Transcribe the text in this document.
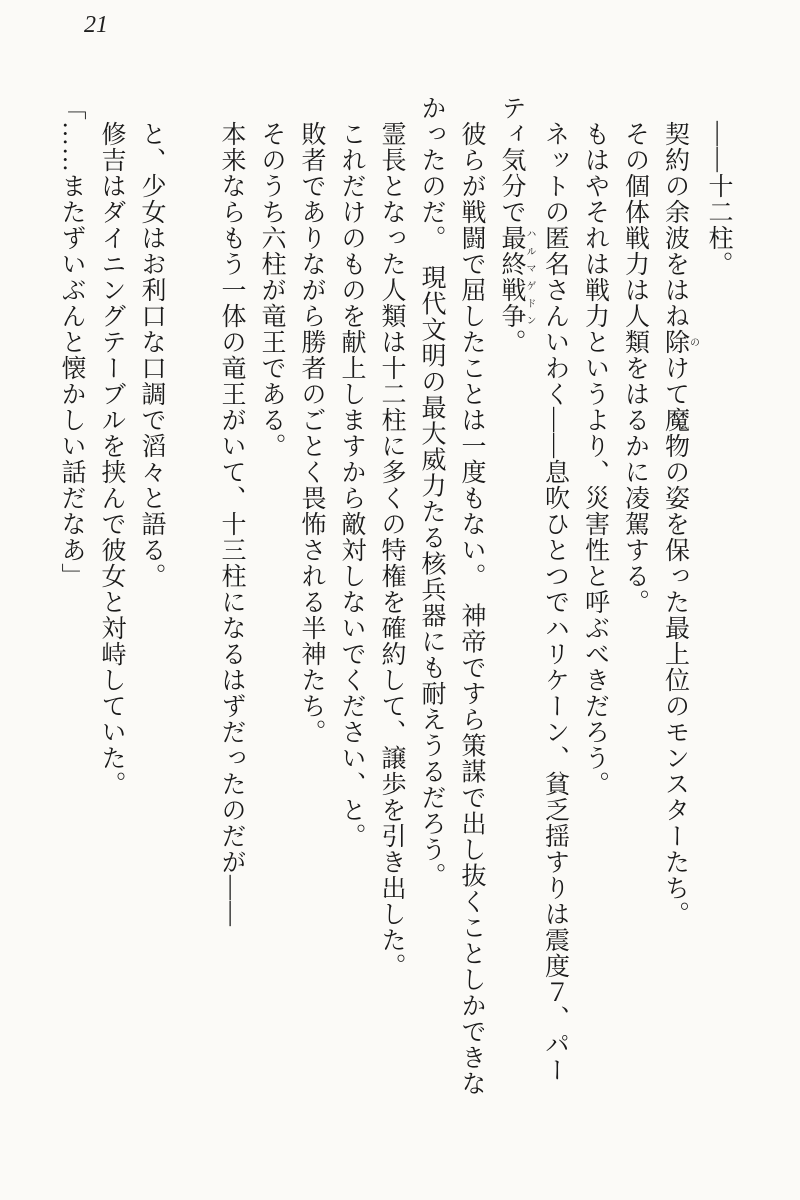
21

　――十二柱。

　契約の余波をはね除 のけて魔物の姿を保った最上位のモンスターたち。

　その個体戦力は人類をはるかに凌駕する。

　もはやそれは戦力というより、災害性と呼ぶべきだろう。

　ネットの匿名さんいわく――息吹ひとつでハリケーン、貧乏揺すりは震度７、パー

ティ気分で最終戦争 ハルマゲドン。

　彼らが戦闘で屈したことは一度もない。　神帝ですら策謀で出し抜くことしかできな

かったのだ。　現代文明の最大威力たる核兵器にも耐えうるだろう。

　霊長となった人類は十二柱に多くの特権を確約して、譲歩を引き出した。

　これだけのものを献上しますから敵対しないでください、と。

　敗者でありながら勝者のごとく畏怖される半神たち。

　そのうち六柱が竜王である。

　本来ならもう一体の竜王がいて、十三柱になるはずだったのだが――

　と、少女はお利口な口調で滔々と語る。

　修吉はダイニングテーブルを挟んで彼女と対峙していた。

「……またずいぶんと懐かしい話だなあ」
